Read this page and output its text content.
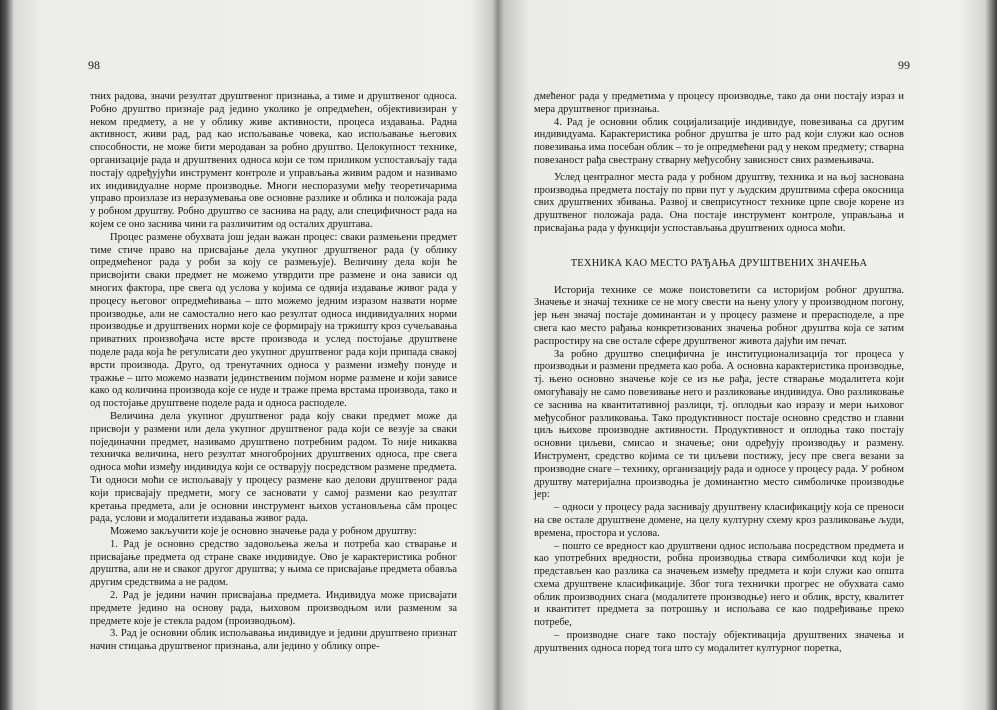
98

тних радова, значи резултат друштвеног признања, а тиме и друштвеног односа. Робно друштво признаје рад једино уколико је опредмећен, објективизиран у неком предмету, а не у облику живе активности, процеса издавања. Радна активност, живи рад, рад као испољавање човека, као испољавање његових способности, не може бити меродаван за робно друштво. Целокупност технике, организације рада и друштвених односа који се том приликом успостављају тада постају одређујући инструмент контроле и управљања живим радом и називамо их индивидуалне норме производње. Многи неспоразуми међу теоретичарима управо произлазе из неразумевања ове основне разлике и облика и положаја рада у робном друштву. Робно друштво се заснива на раду, али специфичност рада на којем се оно заснива чини га различитим од осталих друштава.

Процес размене обухвата још један важан процес: сваки размењени предмет тиме стиче право на присвајање дела укупног друштвеног рада (у облику опредмећеног рада у роби за коју се размењује). Величину дела који ће присвојити сваки предмет не можемо утврдити пре размене и она зависи од многих фактора, пре свега од услова у којима се одвија издавање живог рада у процесу његовог опредмећивања – што можемо једним изразом назвати норме производње, али не самостално него као резултат односа индивидуалних норми производње и друштвених норми које се формирају на тржишту кроз сучељавања приватних произвођача исте врсте производа и услед постојање друштвене поделе рада која ће регулисати део укупног друштвеног рада који припада свакој врсти производа. Друго, од тренутачних односа у размени између понуде и тражње – што можемо назвати јединственим појмом норме размене и који зависе како од количина производа које се нуде и траже према врстама производа, тако и од постојање друштвене поделе рада и односа расподеле.

Величина дела укупног друштвеног рада коју сваки предмет може да присвоји у размени или дела укупног друштвеног рада који се везује за сваки појединачни предмет, називамо друштвено потребним радом. То није никаква техничка величина, него резултат многобројних друштвених односа, пре свега односа моћи између индивидуа који се остварују посредством размене предмета. Ти односи моћи се испољавају у процесу размене као делови друштвеног рада који присвајају предмети, могу се засновати у самој размени као резултат кретања предмета, али је основни инструмент њихов установљења сâм процес рада, услови и модалитети издавања живог рада.

Можемо закључити које је основно значење рада у робном друштву:

1. Рад је основно средство задовољења жеља и потреба као стварање и присвајање предмета од стране сваке индивидуе. Ово је карактеристика робног друштва, али не и сваког другог друштва; у њима се присвајање предмета обавља другим средствима а не радом.

2. Рад је једини начин присвајања предмета. Индивидуа може присвајати предмете једино на основу рада, њиховом производњом или разменом за предмете које је стекла радом (производњом).

3. Рад је основни облик испољавања индивидуе и једини друштвено признат начин стицања друштвеног признања, али једино у облику опре-

99

дмећеног рада у предметима у процесу производње, тако да они постају израз и мера друштвеног признања.

4. Рад је основни облик социјализације индивидуе, повезивања са другим индивидуама. Карактеристика робног друштва је што рад који служи као основ повезивања има посебан облик – то је опредмећени рад у неком предмету; стварна повезаност рађа свестрану стварну међусобну зависност свих размењивача.

Услед централног места рада у робном друштву, техника и на њој заснована производња предмета постају по први пут у људским друштвима сфера окосница свих друштвених збивања. Развој и свеприсутност технике црпе своје корене из друштвеног положаја рада. Она постаје инструмент контроле, управљања и присвајања рада у функцији успостављања друштвених односа моћи.

ТЕХНИКА КАО МЕСТО РАЂАЊА ДРУШТВЕНИХ ЗНАЧЕЊА

Историја технике се може поистоветити са историјом робног друштва. Значење и значај технике се не могу свести на њену улогу у производном погону, јер њен значај постаје доминантан и у процесу размене и прерасподеле, а пре свега као место рађања конкретизованих значења робног друштва која се затим распростиру на све остале сфере друштвеног живота дајући им печат.

За робно друштво специфична је институционализација тог процеса у производњи и размени предмета као роба. А основна карактеристика производње, тј. њено основно значење које се из ње рађа, јесте стварање модалитета који омогућавају не само повезивање него и разликовање индивидуа. Ово разликовање се заснива на квантитативној разлици, тј. оплодњи као изразу и мери њиховог међусобног разликовања. Тако продуктивност постаје основно средство и главни циљ њихове производне активности. Продуктивност и оплодња тако постају основни циљеви, смисао и значење; они одређују производњу и размену. Инструмент, средство којима се ти циљеви постижу, јесу пре свега везани за производне снаге – технику, организацију рада и односе у процесу рада. У робном друштву материјална производња је доминантно место симболичке производње јер:

– односи у процесу рада заснивају друштвену класификацију која се преноси на све остале друштвене домене, на целу културну схему кроз разликовање људи, времена, простора и услова.

– пошто се вредност као друштвени однос испољава посредством предмета и као употребних вредности, робна производња ствара симболички код који је представљен као разлика са значењем између предмета и који служи као општа схема друштвене класификације. Због тога технички прогрес не обухвата само облик производних снага (модалитете производње) него и облик, врсту, квалитет и квантитет предмета за потрошњу и испољава се као подређивање преко потребе,

– производне снаге тако постају објективација друштвених значења и друштвених односа поред тога што су модалитет културног поретка,
